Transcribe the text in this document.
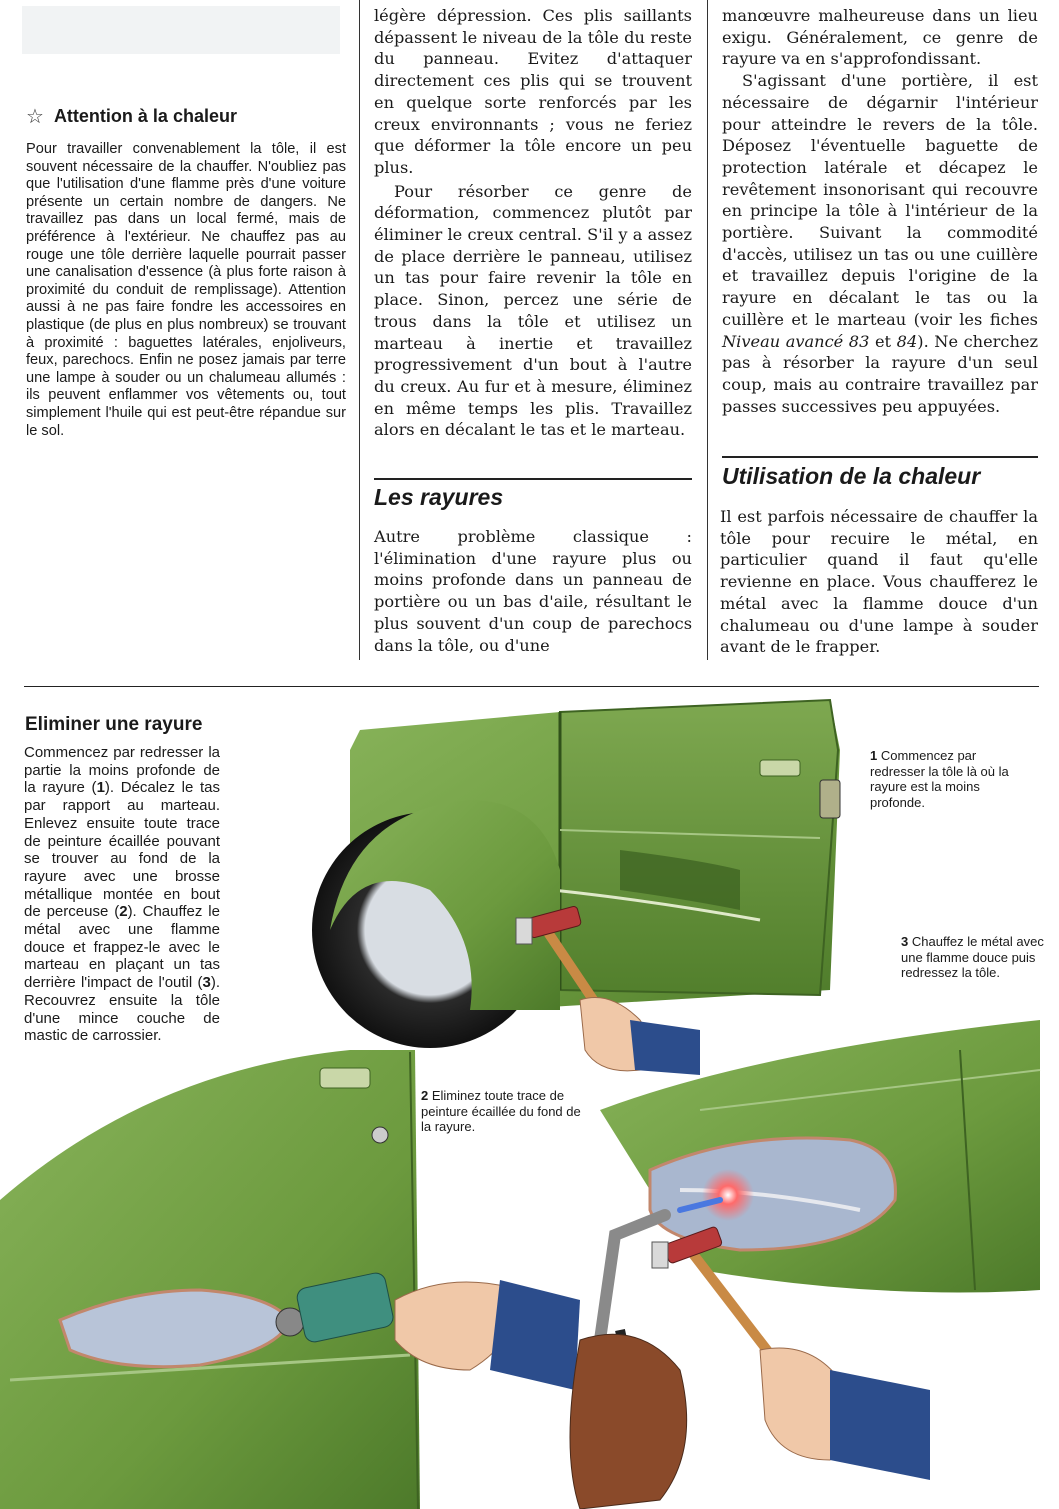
☆ Attention à la chaleur
Pour travailler convenablement la tôle, il est souvent nécessaire de la chauffer. N'oubliez pas que l'utilisation d'une flamme près d'une voiture présente un certain nombre de dangers. Ne travaillez pas dans un local fermé, mais de préférence à l'extérieur. Ne chauffez pas au rouge une tôle derrière laquelle pourrait passer une canalisation d'essence (à plus forte raison à proximité du conduit de remplissage). Attention aussi à ne pas faire fondre les accessoires en plastique (de plus en plus nombreux) se trouvant à proximité : baguettes latérales, enjoliveurs, feux, parechocs. Enfin ne posez jamais par terre une lampe à souder ou un chalumeau allumés : ils peuvent enflammer vos vêtements ou, tout simplement l'huile qui est peut-être répandue sur le sol.

légère dépression. Ces plis saillants dépassent le niveau de la tôle du reste du panneau. Evitez d'attaquer directement ces plis qui se trouvent en quelque sorte renforcés par les creux environnants ; vous ne feriez que déformer la tôle encore un peu plus.

Pour résorber ce genre de déformation, commencez plutôt par éliminer le creux central. S'il y a assez de place derrière le panneau, utilisez un tas pour faire revenir la tôle en place. Sinon, percez une série de trous dans la tôle et utilisez un marteau à inertie et travaillez progressivement d'un bout à l'autre du creux. Au fur et à mesure, éliminez en même temps les plis. Travaillez alors en décalant le tas et le marteau.

Les rayures

Autre problème classique : l'élimination d'une rayure plus ou moins profonde dans un panneau de portière ou un bas d'aile, résultant le plus souvent d'un coup de parechocs dans la tôle, ou d'une

manœuvre malheureuse dans un lieu exigu. Généralement, ce genre de rayure va en s'approfondissant.

S'agissant d'une portière, il est nécessaire de dégarnir l'intérieur pour atteindre le revers de la tôle. Déposez l'éventuelle baguette de protection latérale et décapez le revêtement insonorisant qui recouvre en principe la tôle à l'intérieur de la portière. Suivant la commodité d'accès, utilisez un tas ou une cuillère et travaillez depuis l'origine de la rayure en décalant le tas ou la cuillère et le marteau (voir les fiches Niveau avancé 83 et 84). Ne cherchez pas à résorber la rayure d'un seul coup, mais au contraire travaillez par passes successives peu appuyées.

Utilisation de la chaleur

Il est parfois nécessaire de chauffer la tôle pour recuire le métal, en particulier quand il faut qu'elle revienne en place. Vous chaufferez le métal avec la flamme douce d'un chalumeau ou d'une lampe à souder avant de le frapper.

Eliminer une rayure
Commencez par redresser la partie la moins profonde de la rayure (1). Décalez le tas par rapport au marteau. Enlevez ensuite toute trace de peinture écaillée pouvant se trouver au fond de la rayure avec une brosse métallique montée en bout de perceuse (2). Chauffez le métal avec une flamme douce et frappez-le avec le marteau en plaçant un tas derrière l'impact de l'outil (3). Recouvrez ensuite la tôle d'une mince couche de mastic de carrossier.
1 Commencez par redresser la tôle là où la rayure est la moins profonde.
3 Chauffez le métal avec une flamme douce puis redressez la tôle.
2 Eliminez toute trace de peinture écaillée du fond de la rayure.
